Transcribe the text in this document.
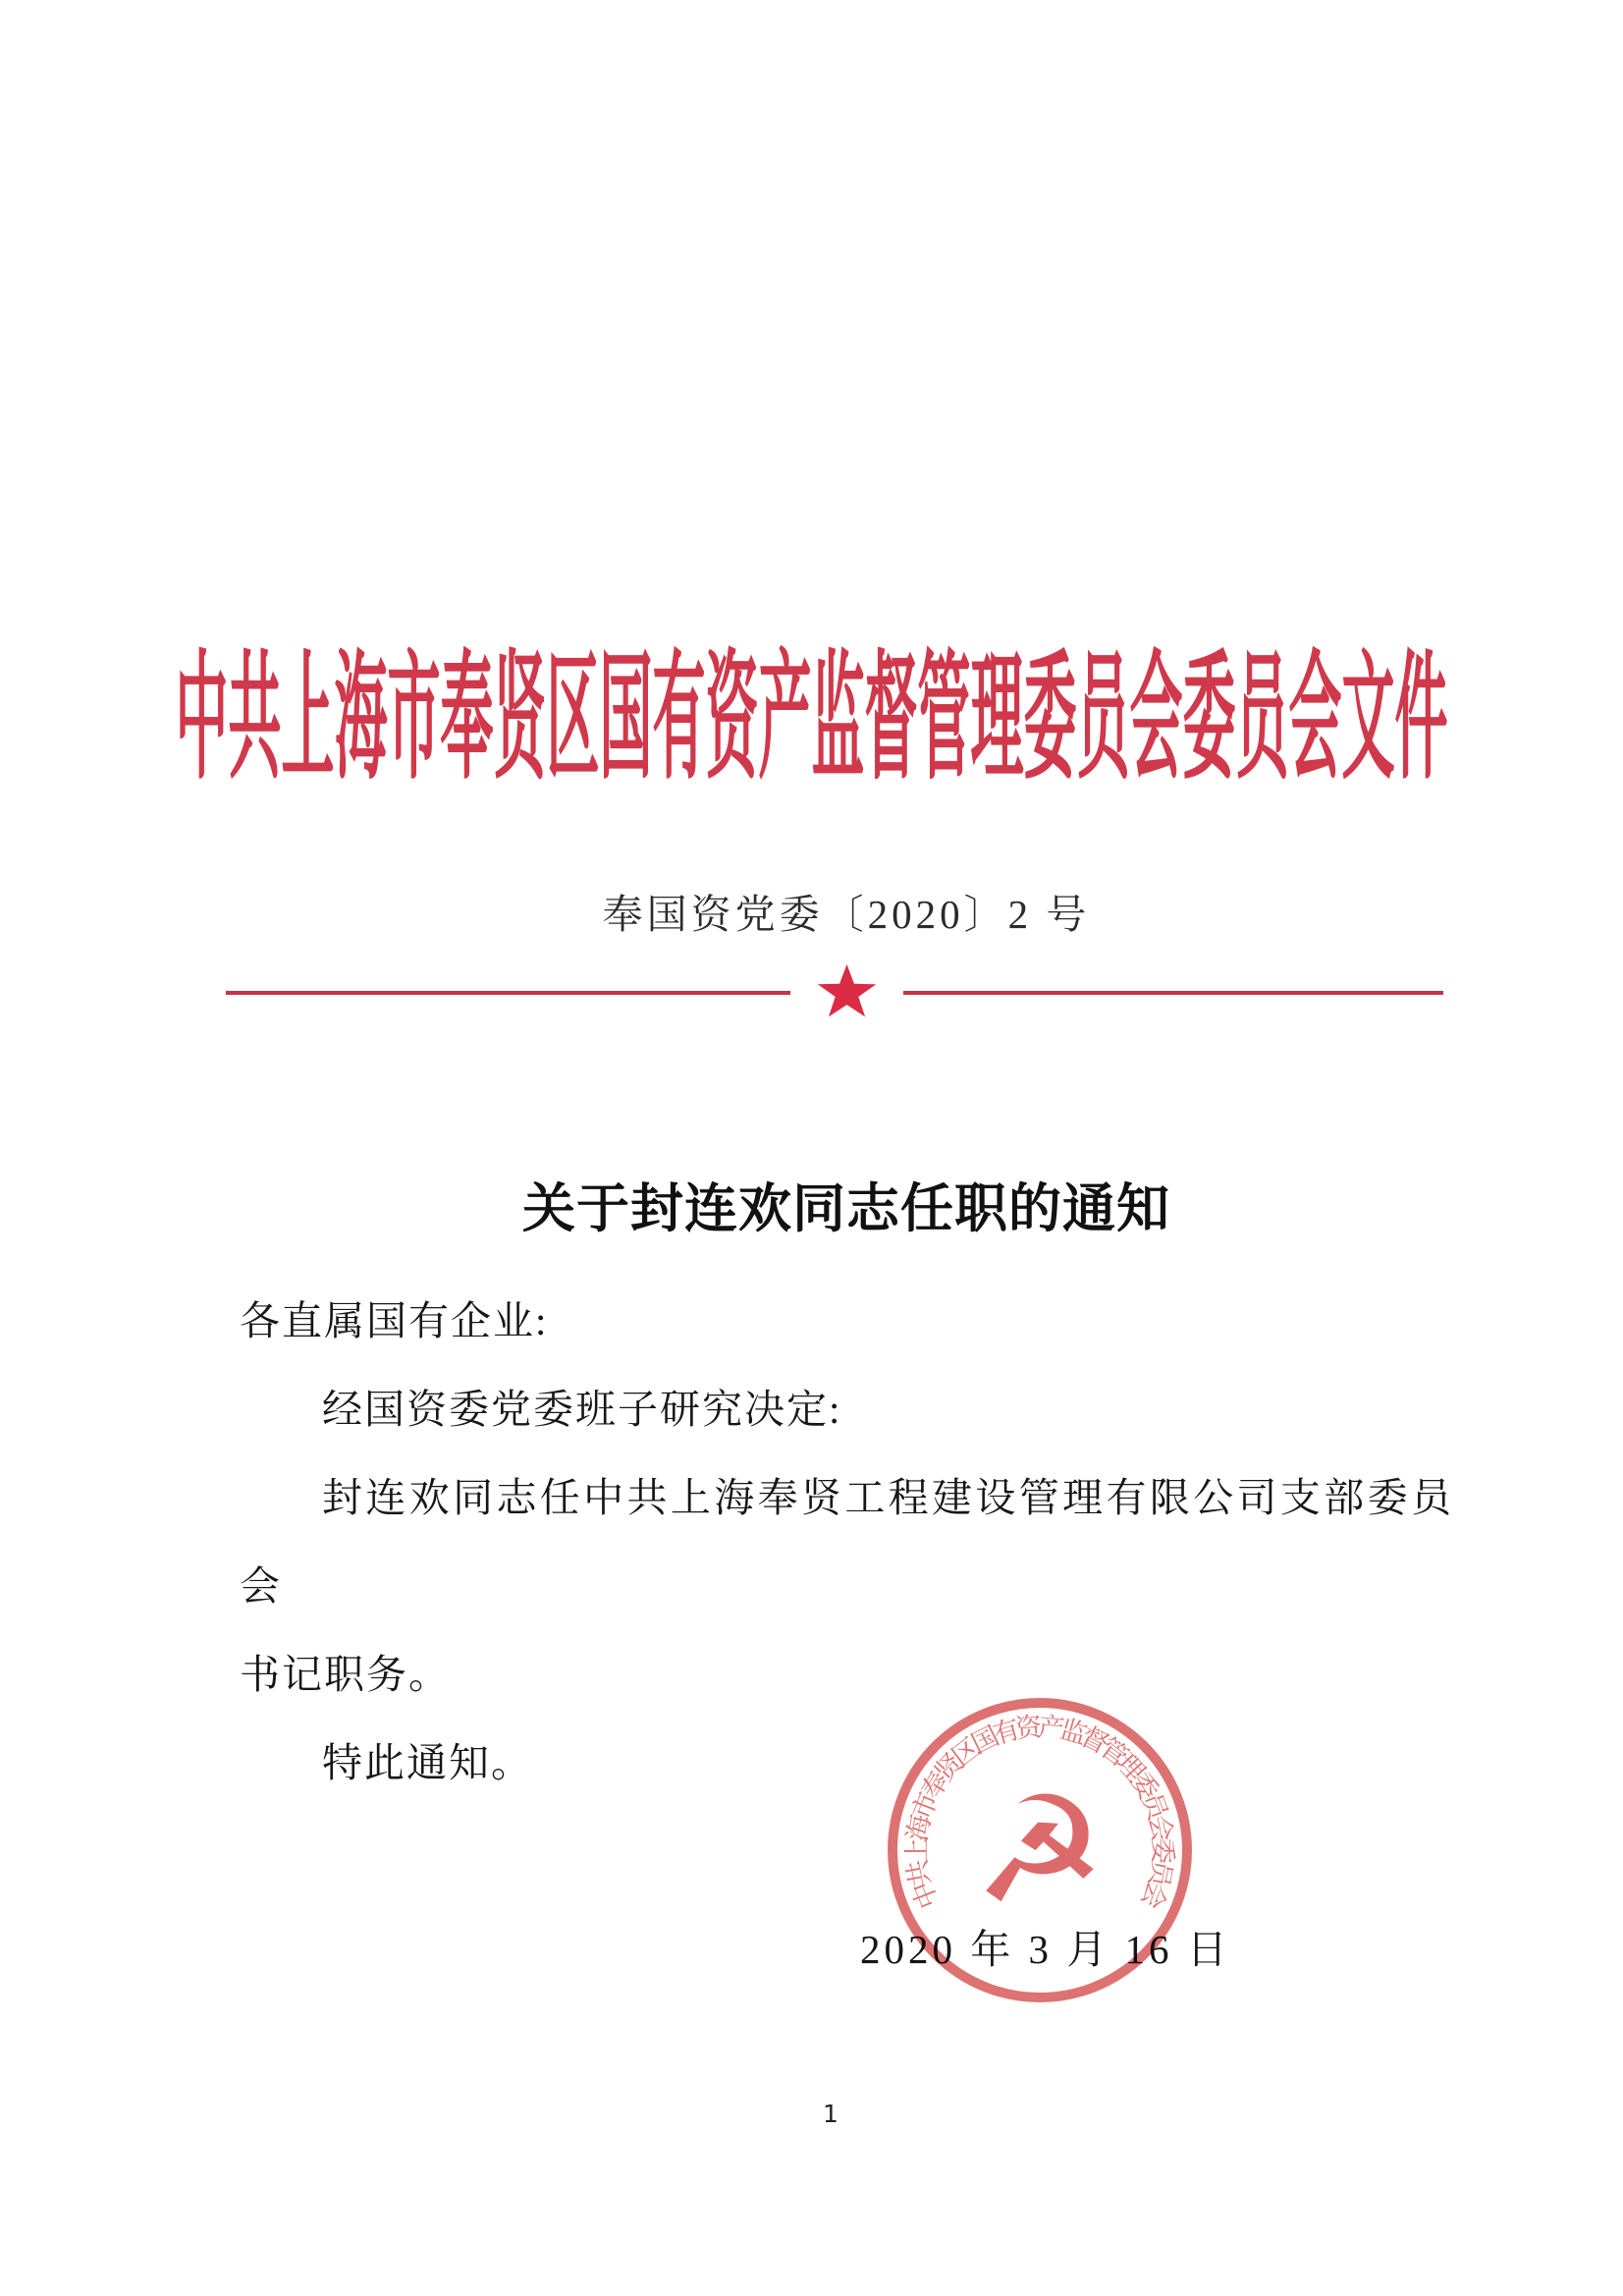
中共上海市奉贤区国有资产监督管理委员会委员会文件
奉国资党委〔2020〕2 号
关于封连欢同志任职的通知
各直属国有企业:
经国资委党委班子研究决定:
封连欢同志任中共上海奉贤工程建设管理有限公司支部委员会
书记职务。
特此通知。
2020 年 3 月 16 日
中共上海市奉贤区国有资产监督管理委员会委员会
☭
1
